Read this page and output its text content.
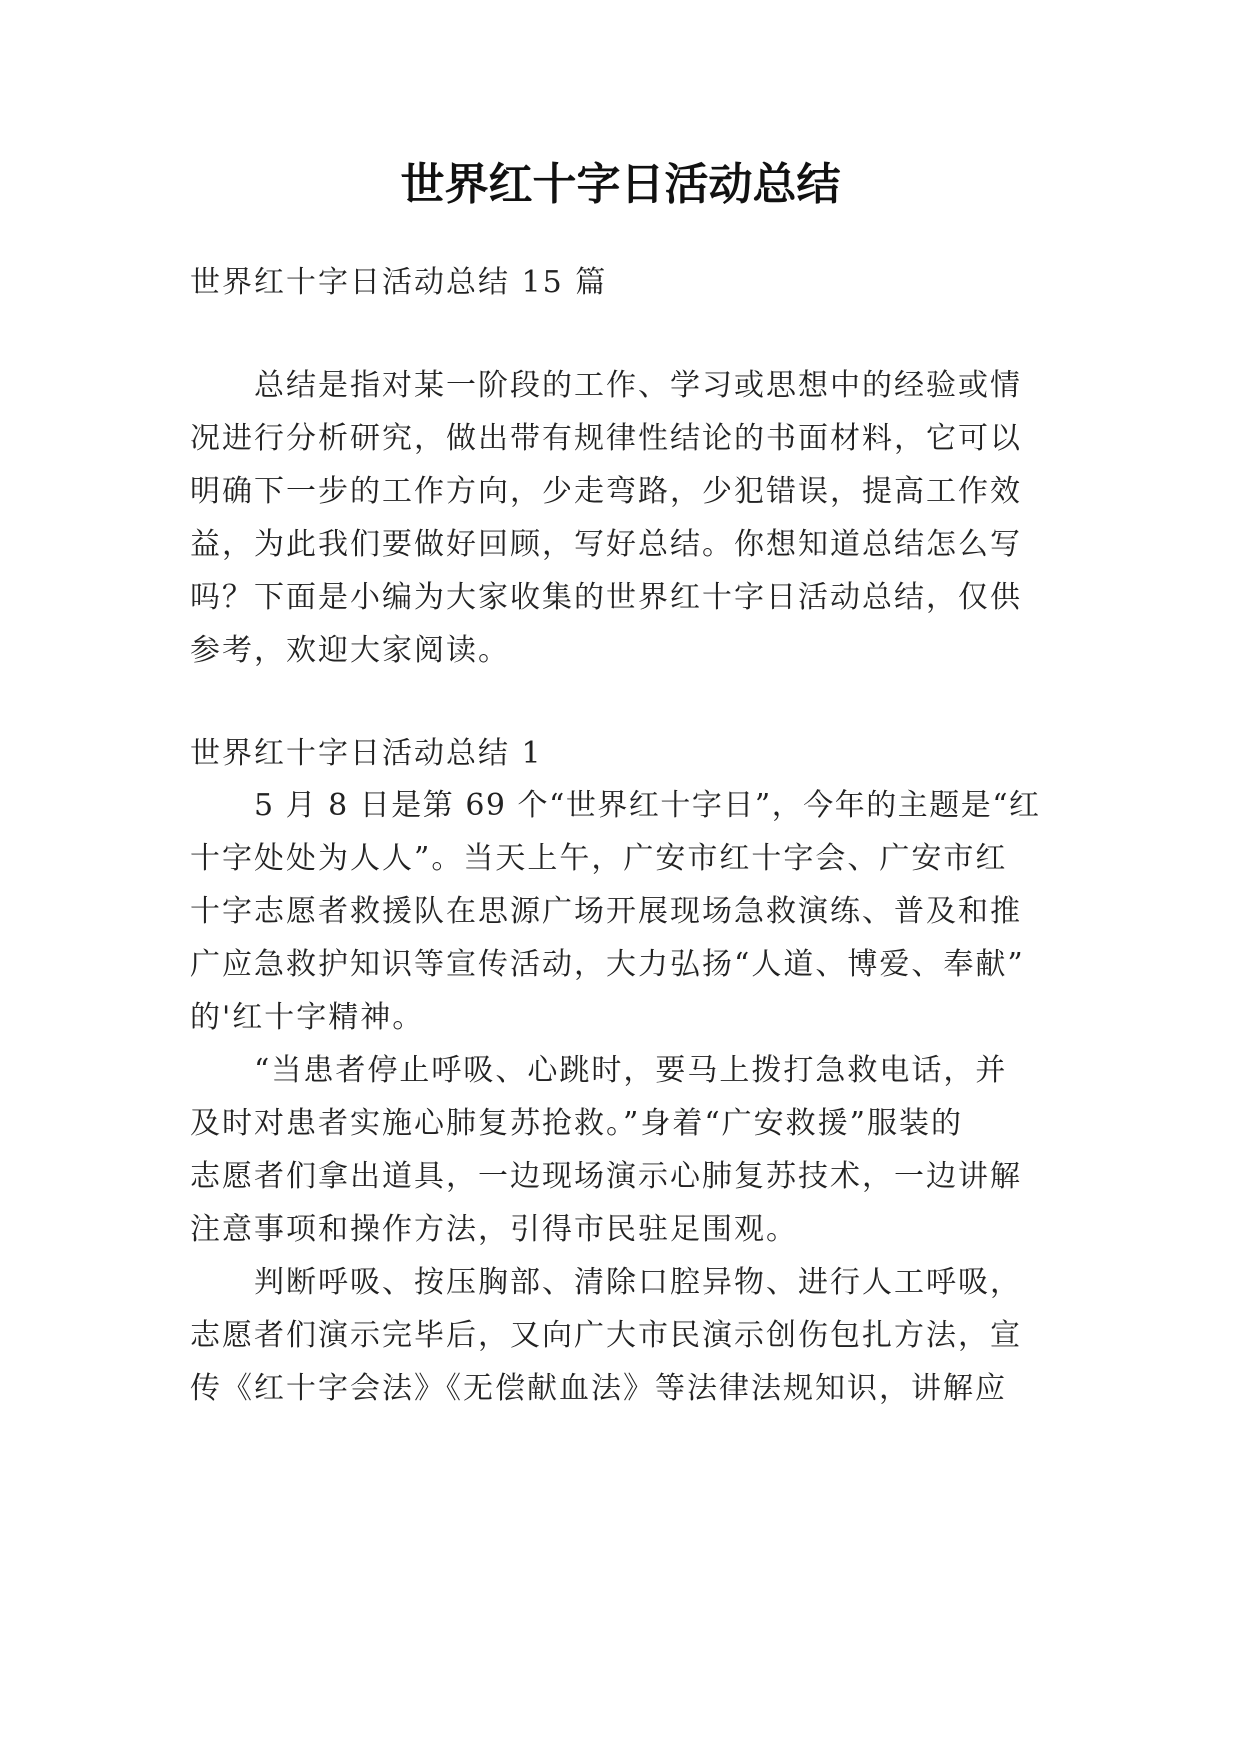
世界红十字日活动总结
世界红十字日活动总结 15 篇
总结是指对某一阶段的工作、学习或思想中的经验或情
况进行分析研究，做出带有规律性结论的书面材料，它可以
明确下一步的工作方向，少走弯路，少犯错误，提高工作效
益，为此我们要做好回顾，写好总结。你想知道总结怎么写
吗？下面是小编为大家收集的世界红十字日活动总结，仅供
参考，欢迎大家阅读。
世界红十字日活动总结 1
5 月 8 日是第 69 个“世界红十字日”，今年的主题是“红
十字处处为人人”。当天上午，广安市红十字会、广安市红
十字志愿者救援队在思源广场开展现场急救演练、普及和推
广应急救护知识等宣传活动，大力弘扬“人道、博爱、奉献”
的'红十字精神。
“当患者停止呼吸、心跳时，要马上拨打急救电话，并
及时对患者实施心肺复苏抢救。”身着“广安救援”服装的
志愿者们拿出道具，一边现场演示心肺复苏技术，一边讲解
注意事项和操作方法，引得市民驻足围观。
判断呼吸、按压胸部、清除口腔异物、进行人工呼吸，
志愿者们演示完毕后，又向广大市民演示创伤包扎方法，宣
传《红十字会法》《无偿献血法》等法律法规知识，讲解应
